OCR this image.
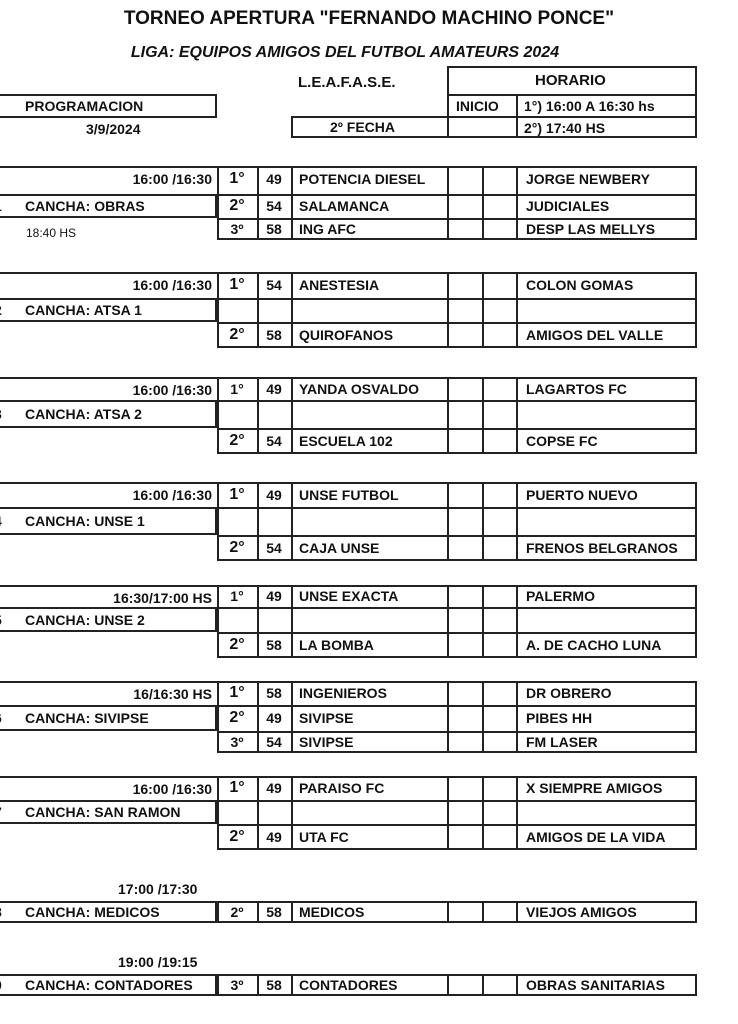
TORNEO APERTURA "FERNANDO MACHINO PONCE"
LIGA: EQUIPOS AMIGOS DEL FUTBOL AMATEURS 2024
L.E.A.F.A.S.E.
PROGRAMACION
3/9/2024
HORARIO
INICIO 1°) 16:00 A 16:30 hs
2°) 17:40 HS
2º FECHA
16:00 /16:30
CANCHA: OBRAS
18:40 HS
1°	49	POTENCIA DIESEL	JORGE NEWBERY
2°	54	SALAMANCA	JUDICIALES
3º	58	ING AFC	DESP LAS MELLYS
16:00 /16:30
CANCHA: ATSA 1
1°	54	ANESTESIA	COLON GOMAS
2°	58	QUIROFANOS	AMIGOS DEL VALLE
16:00 /16:30
CANCHA: ATSA 2
1°	49	YANDA OSVALDO	LAGARTOS FC
2°	54	ESCUELA 102	COPSE FC
16:00 /16:30
CANCHA: UNSE 1
1°	49	UNSE FUTBOL	PUERTO NUEVO
2°	54	CAJA UNSE	FRENOS BELGRANOS
16:30/17:00 HS
CANCHA: UNSE 2
1°	49	UNSE EXACTA	PALERMO
2°	58	LA BOMBA	A. DE CACHO LUNA
16/16:30 HS
CANCHA: SIVIPSE
1°	58	INGENIEROS	DR OBRERO
2°	49	SIVIPSE	PIBES HH
3º	54	SIVIPSE	FM LASER
16:00 /16:30
CANCHA: SAN RAMON
1°	49	PARAISO FC	X SIEMPRE AMIGOS
2°	49	UTA FC	AMIGOS DE LA VIDA
17:00 /17:30
CANCHA: MEDICOS	2º	58	MEDICOS	VIEJOS AMIGOS
19:00 /19:15
CANCHA: CONTADORES	3º	58	CONTADORES	OBRAS SANITARIAS
